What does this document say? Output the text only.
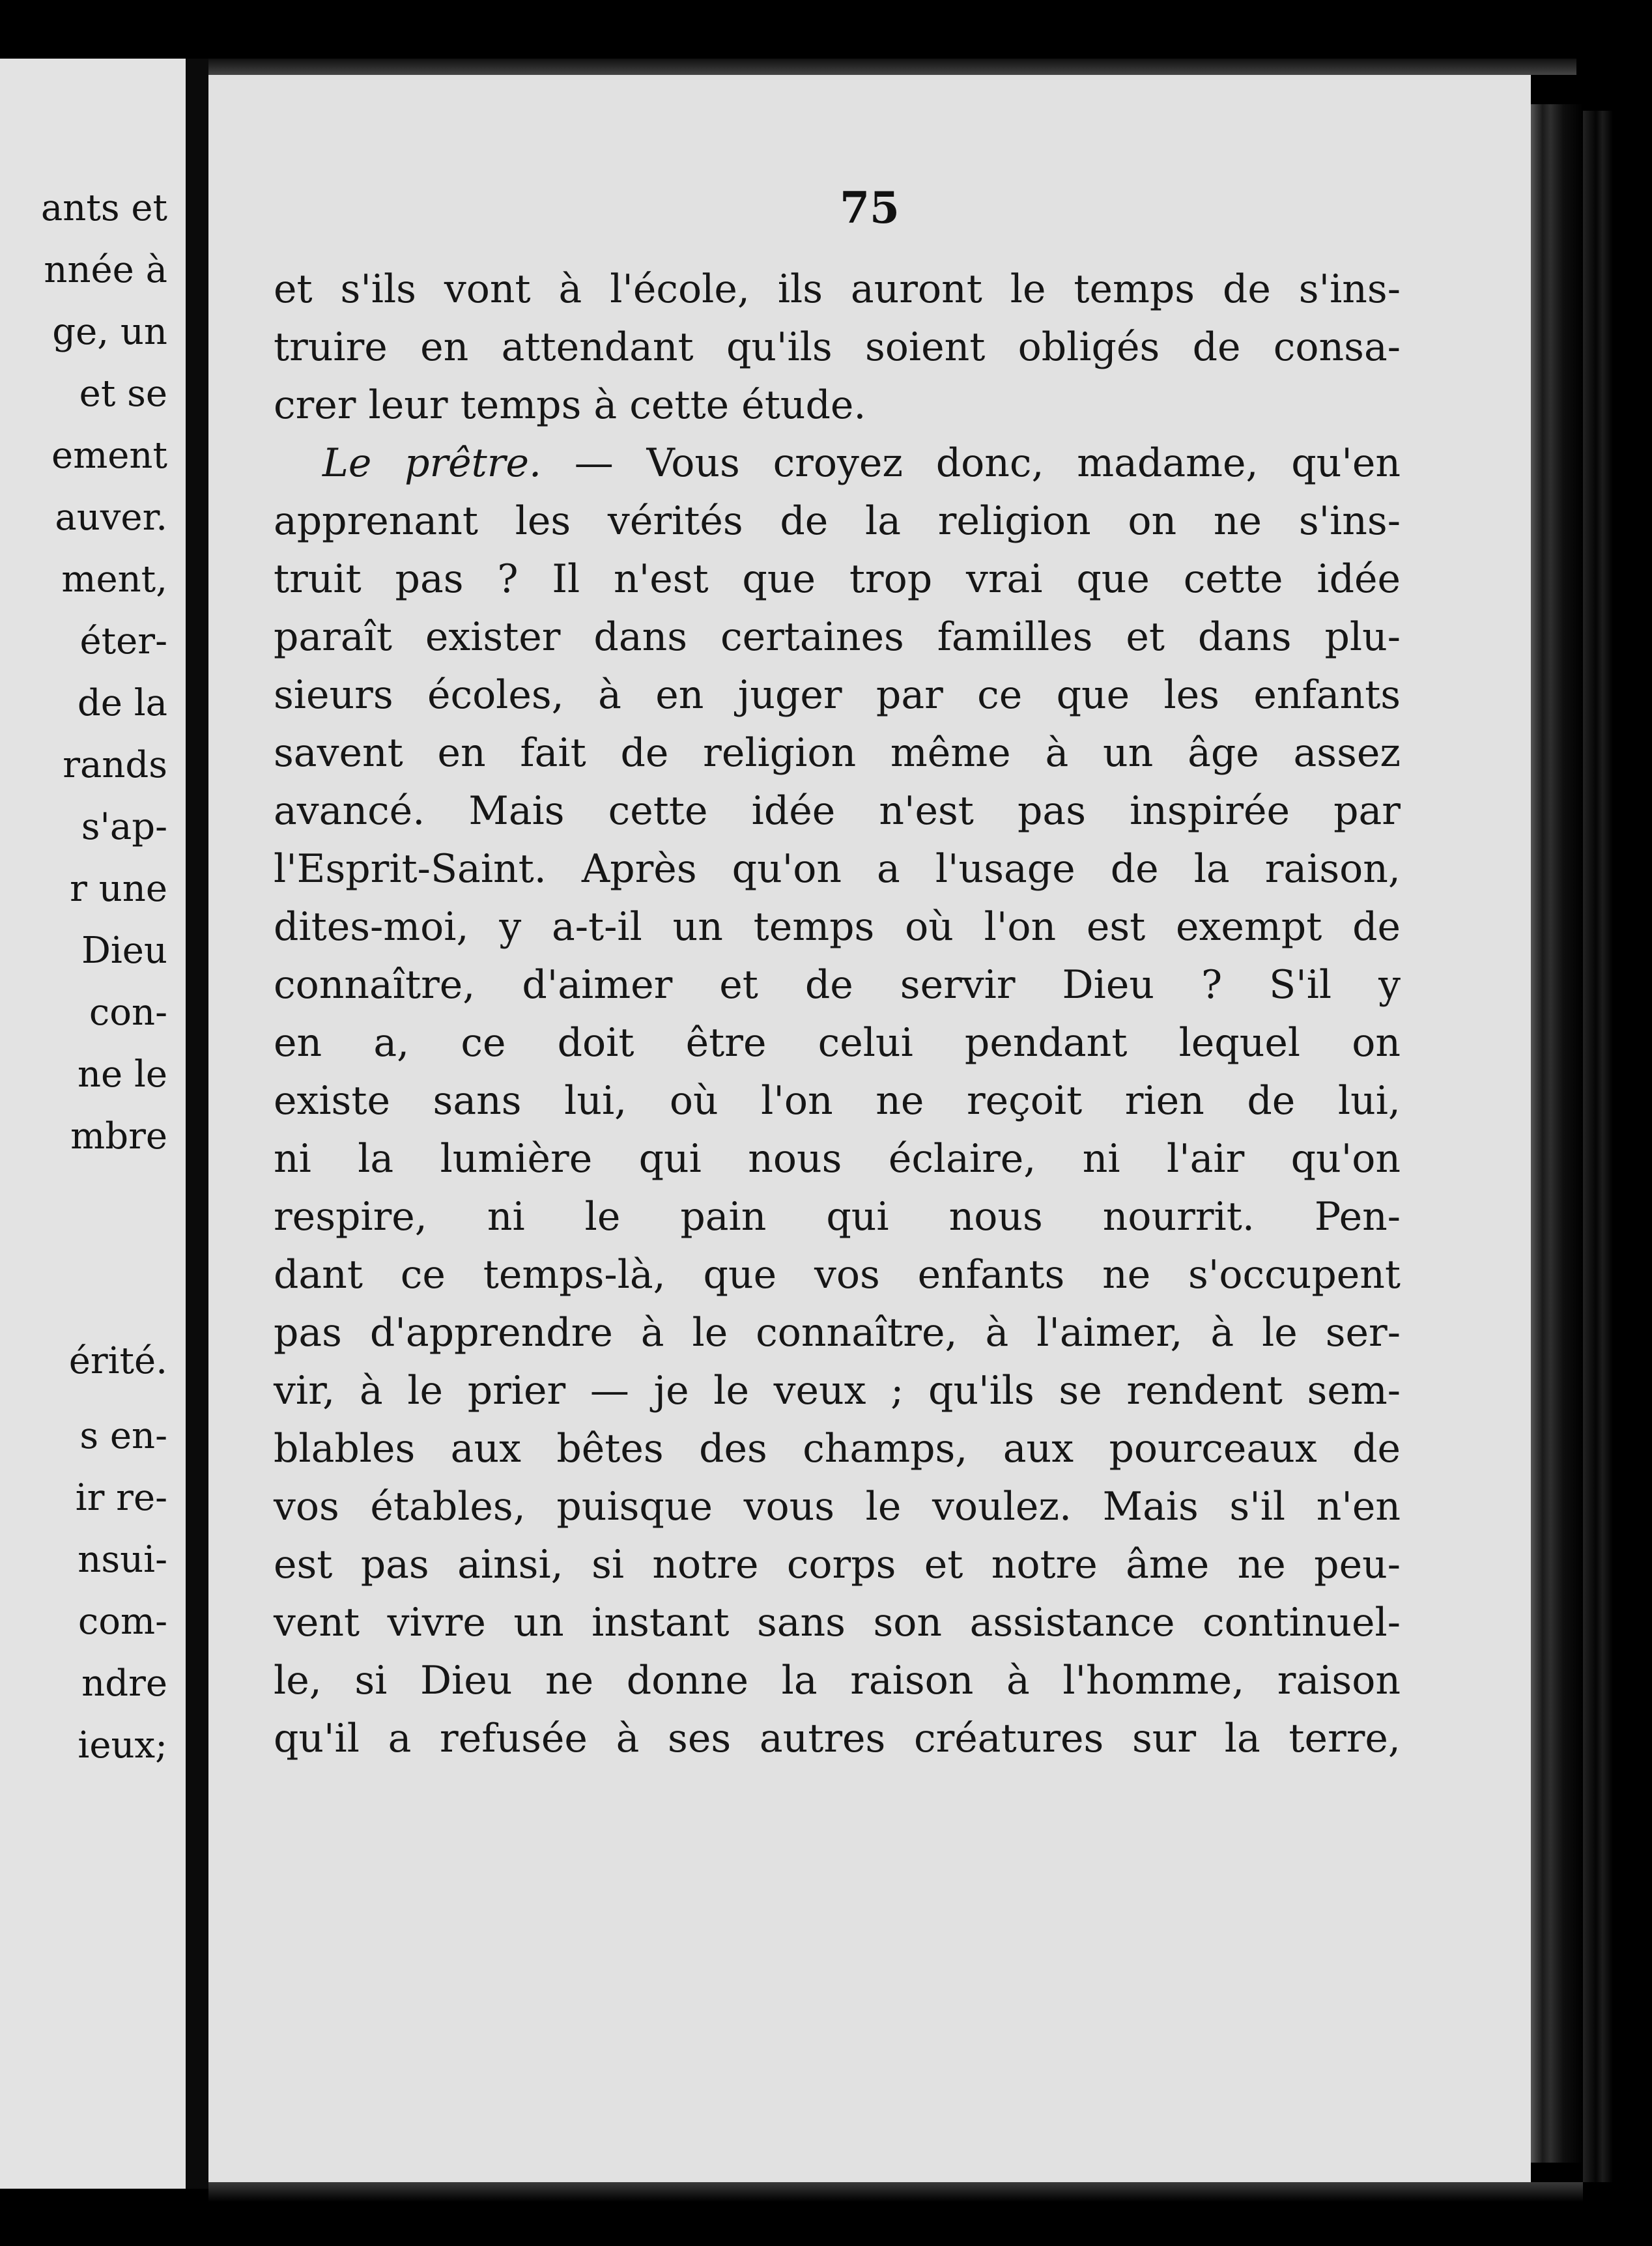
ants et
nnée à
ge, un
et se
ement
auver.
ment,
éter-
de la
rands
s'ap-
r une
Dieu
con-
ne le
mbre
érité.
s en-
ir re-
nsui-
com-
ndre
ieux;
75
et s'ils vont à l'école, ils auront le temps de s'ins-
truire en attendant qu'ils soient obligés de consa-
crer leur temps à cette étude.
Le prêtre. — Vous croyez donc, madame, qu'en
apprenant les vérités de la religion on ne s'ins-
truit pas ? Il n'est que trop vrai que cette idée
paraît exister dans certaines familles et dans plu-
sieurs écoles, à en juger par ce que les enfants
savent en fait de religion même à un âge assez
avancé. Mais cette idée n'est pas inspirée par
l'Esprit-Saint. Après qu'on a l'usage de la raison,
dites-moi, y a-t-il un temps où l'on est exempt de
connaître, d'aimer et de servir Dieu ? S'il y
en a, ce doit être celui pendant lequel on
existe sans lui, où l'on ne reçoit rien de lui,
ni la lumière qui nous éclaire, ni l'air qu'on
respire, ni le pain qui nous nourrit. Pen-
dant ce temps-là, que vos enfants ne s'occupent
pas d'apprendre à le connaître, à l'aimer, à le ser-
vir, à le prier — je le veux ; qu'ils se rendent sem-
blables aux bêtes des champs, aux pourceaux de
vos étables, puisque vous le voulez. Mais s'il n'en
est pas ainsi, si notre corps et notre âme ne peu-
vent vivre un instant sans son assistance continuel-
le, si Dieu ne donne la raison à l'homme, raison
qu'il a refusée à ses autres créatures sur la terre,
